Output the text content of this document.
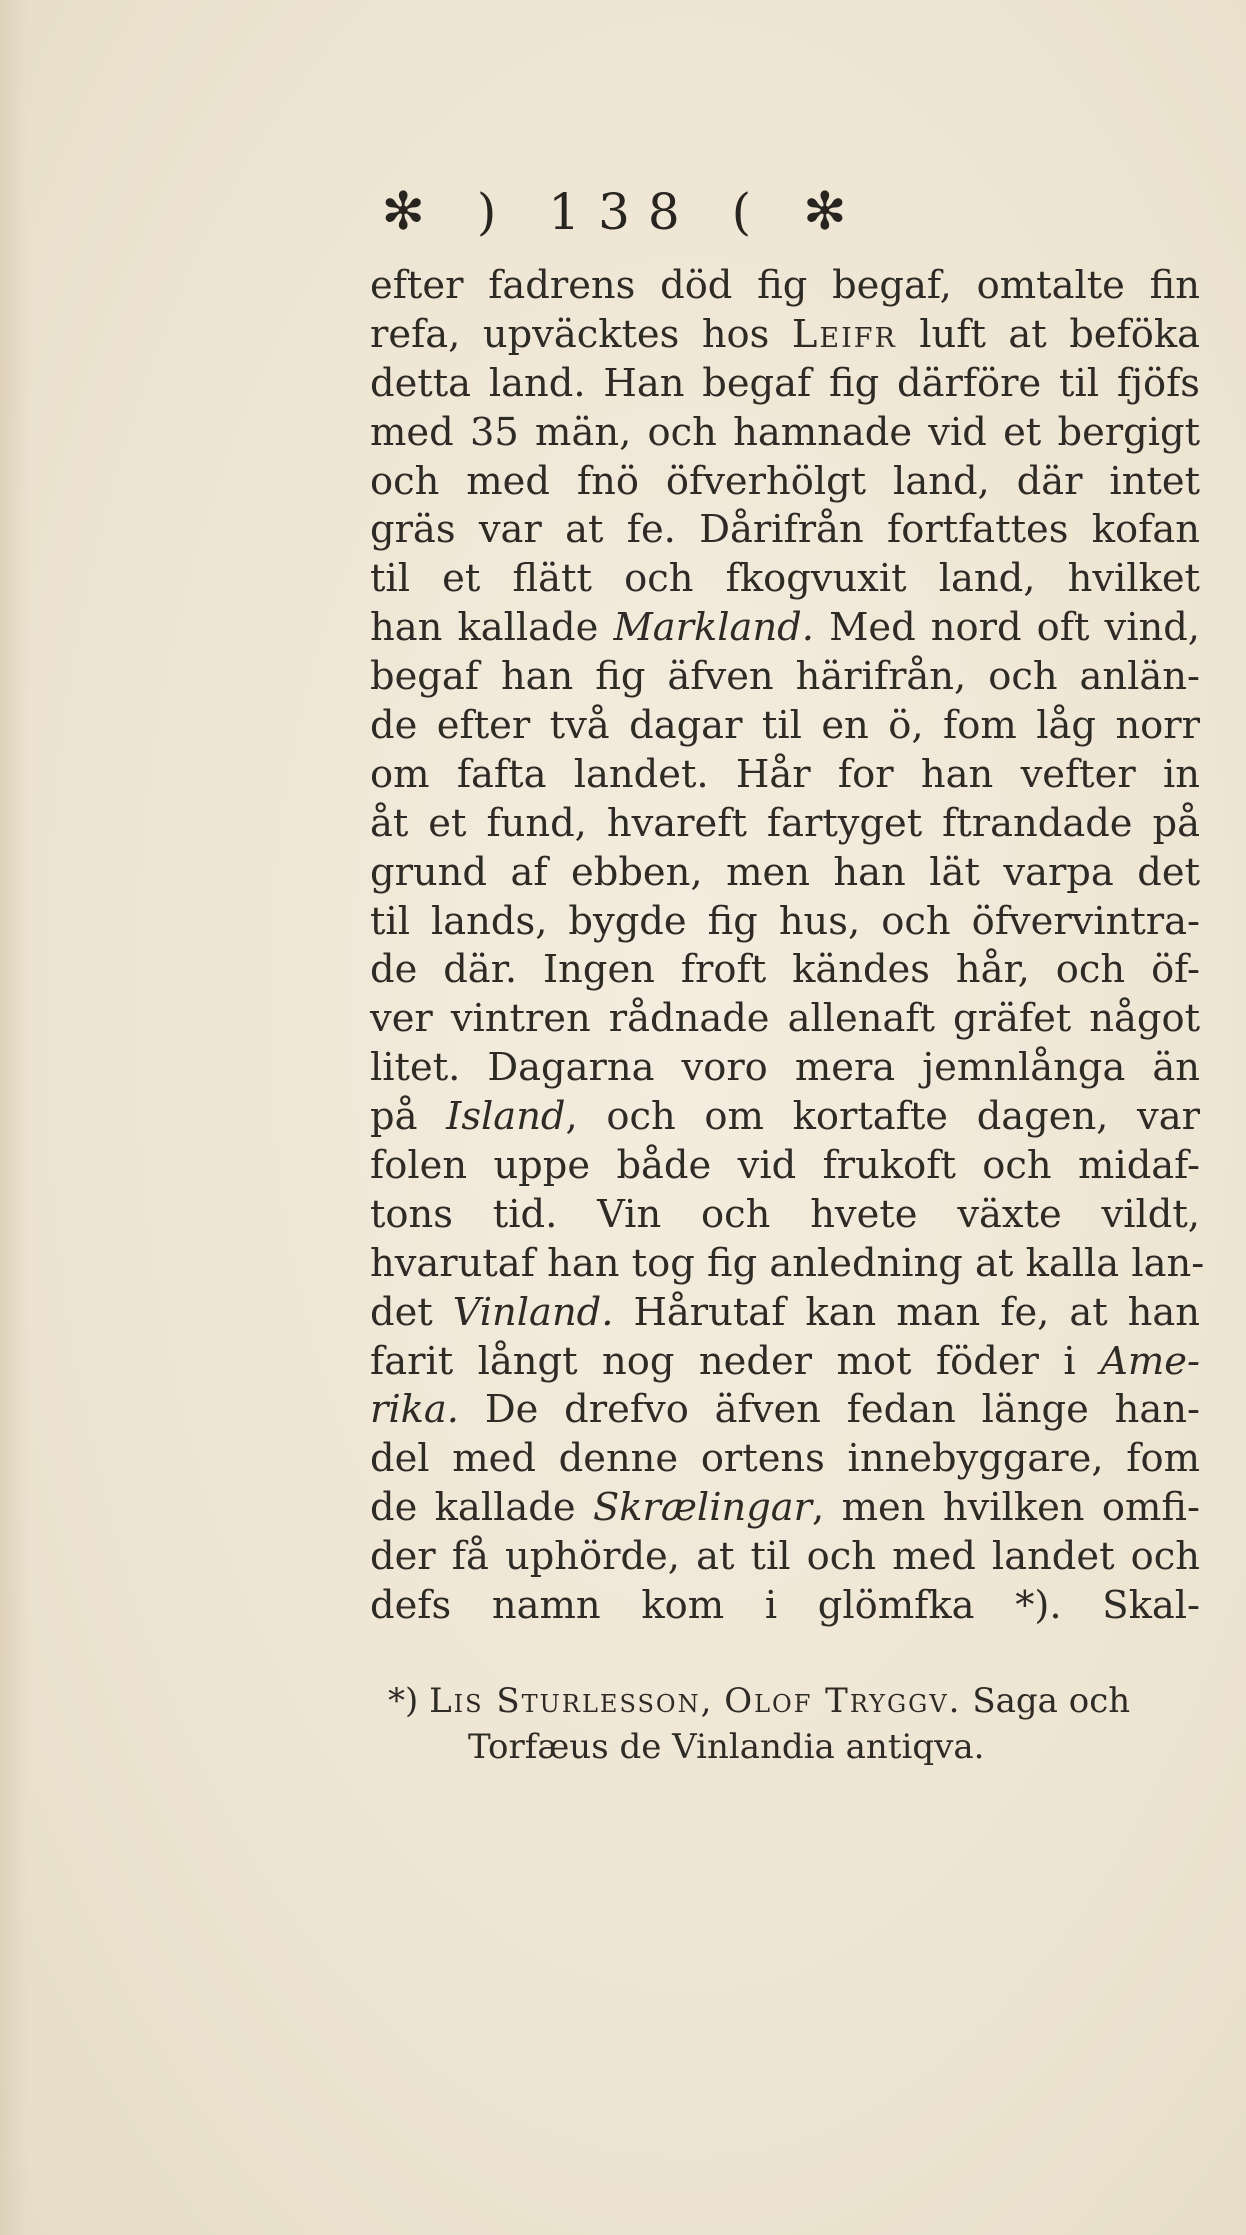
✻ ) 138 ( ✻
efter fadrens död fig begaf, omtalte fin
refa, upväcktes hos Leifr luft at beföka
detta land. Han begaf fig därföre til fjöfs
med 35 män, och hamnade vid et bergigt
och med fnö öfverhölgt land, där intet
gräs var at fe. Dårifrån fortfattes kofan
til et flätt och fkogvuxit land, hvilket
han kallade Markland. Med nord oft vind,
begaf han fig äfven härifrån, och anlän-
de efter två dagar til en ö, fom låg norr
om fafta landet. Hår for han vefter in
åt et fund, hvareft fartyget ftrandade på
grund af ebben, men han lät varpa det
til lands, bygde fig hus, och öfvervintra-
de där. Ingen froft kändes hår, och öf-
ver vintren rådnade allenaft gräfet något
litet. Dagarna voro mera jemnlånga än
på Island, och om kortafte dagen, var
folen uppe både vid frukoft och midaf-
tons tid. Vin och hvete växte vildt,
hvarutaf han tog fig anledning at kalla lan-
det Vinland. Hårutaf kan man fe, at han
farit långt nog neder mot föder i Ame-
rika. De drefvo äfven fedan länge han-
del med denne ortens innebyggare, fom
de kallade Skrælingar, men hvilken omfi-
der få uphörde, at til och med landet och
defs namn kom i glömfka *). Skal-
*) Lis Sturlesson, Olof Tryggv. Saga och
Torfæus de Vinlandia antiqva.
